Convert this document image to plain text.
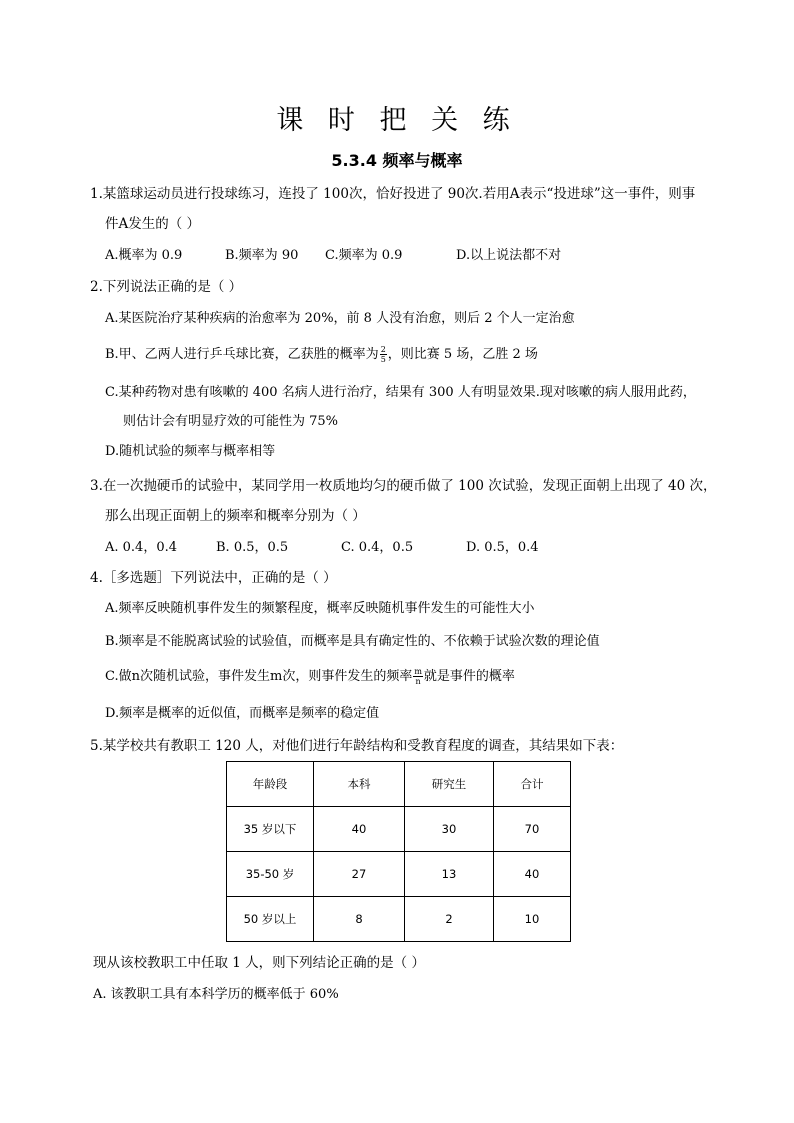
课 时 把 关 练
5.3.4 频率与概率
1.某篮球运动员进行投球练习，连投了 100次，恰好投进了 90次.若用A表示“投进球”这一事件，则事
件A发生的（ ）
A.概率为 0.9	B.频率为 90 C.频率为 0.9	D.以上说法都不对
2.下列说法正确的是（ ）
A.某医院治疗某种疾病的治愈率为 20%，前 8 人没有治愈，则后 2 个人一定治愈
B.甲、乙两人进行乒乓球比赛，乙获胜的概率为 $\frac{2}{5}$ ，则比赛 5 场，乙胜 2 场
C.某种药物对患有咳嗽的 400 名病人进行治疗，结果有 300 人有明显效果.现对咳嗽的病人服用此药，
则估计会有明显疗效的可能性为 75%
D.随机试验的频率与概率相等
3.在一次抛硬币的试验中，某同学用一枚质地均匀的硬币做了 100 次试验，发现正面朝上出现了 40 次，
那么出现正面朝上的频率和概率分别为（ ）
A. 0.4，0.4	B. 0.5，0.5	C. 0.4，0.5	D. 0.5，0.4
4.［多选题］下列说法中，正确的是（ ）
A.频率反映随机事件发生的频繁程度，概率反映随机事件发生的可能性大小
B.频率是不能脱离试验的试验值，而概率是具有确定性的、不依赖于试验次数的理论值
C.做n次随机试验，事件发生m次，则事件发生的频率 $\frac{m}{n}$ 就是事件的概率
D.频率是概率的近似值，而概率是频率的稳定值
5.某学校共有教职工 120 人，对他们进行年龄结构和受教育程度的调查，其结果如下表：
年龄段	本科	研究生	合计
35 岁以下	40	30	70
35-50 岁	27	13	40
50 岁以上	8	2	10
现从该校教职工中任取 1 人，则下列结论正确的是（ ）
A. 该教职工具有本科学历的概率低于 60%
